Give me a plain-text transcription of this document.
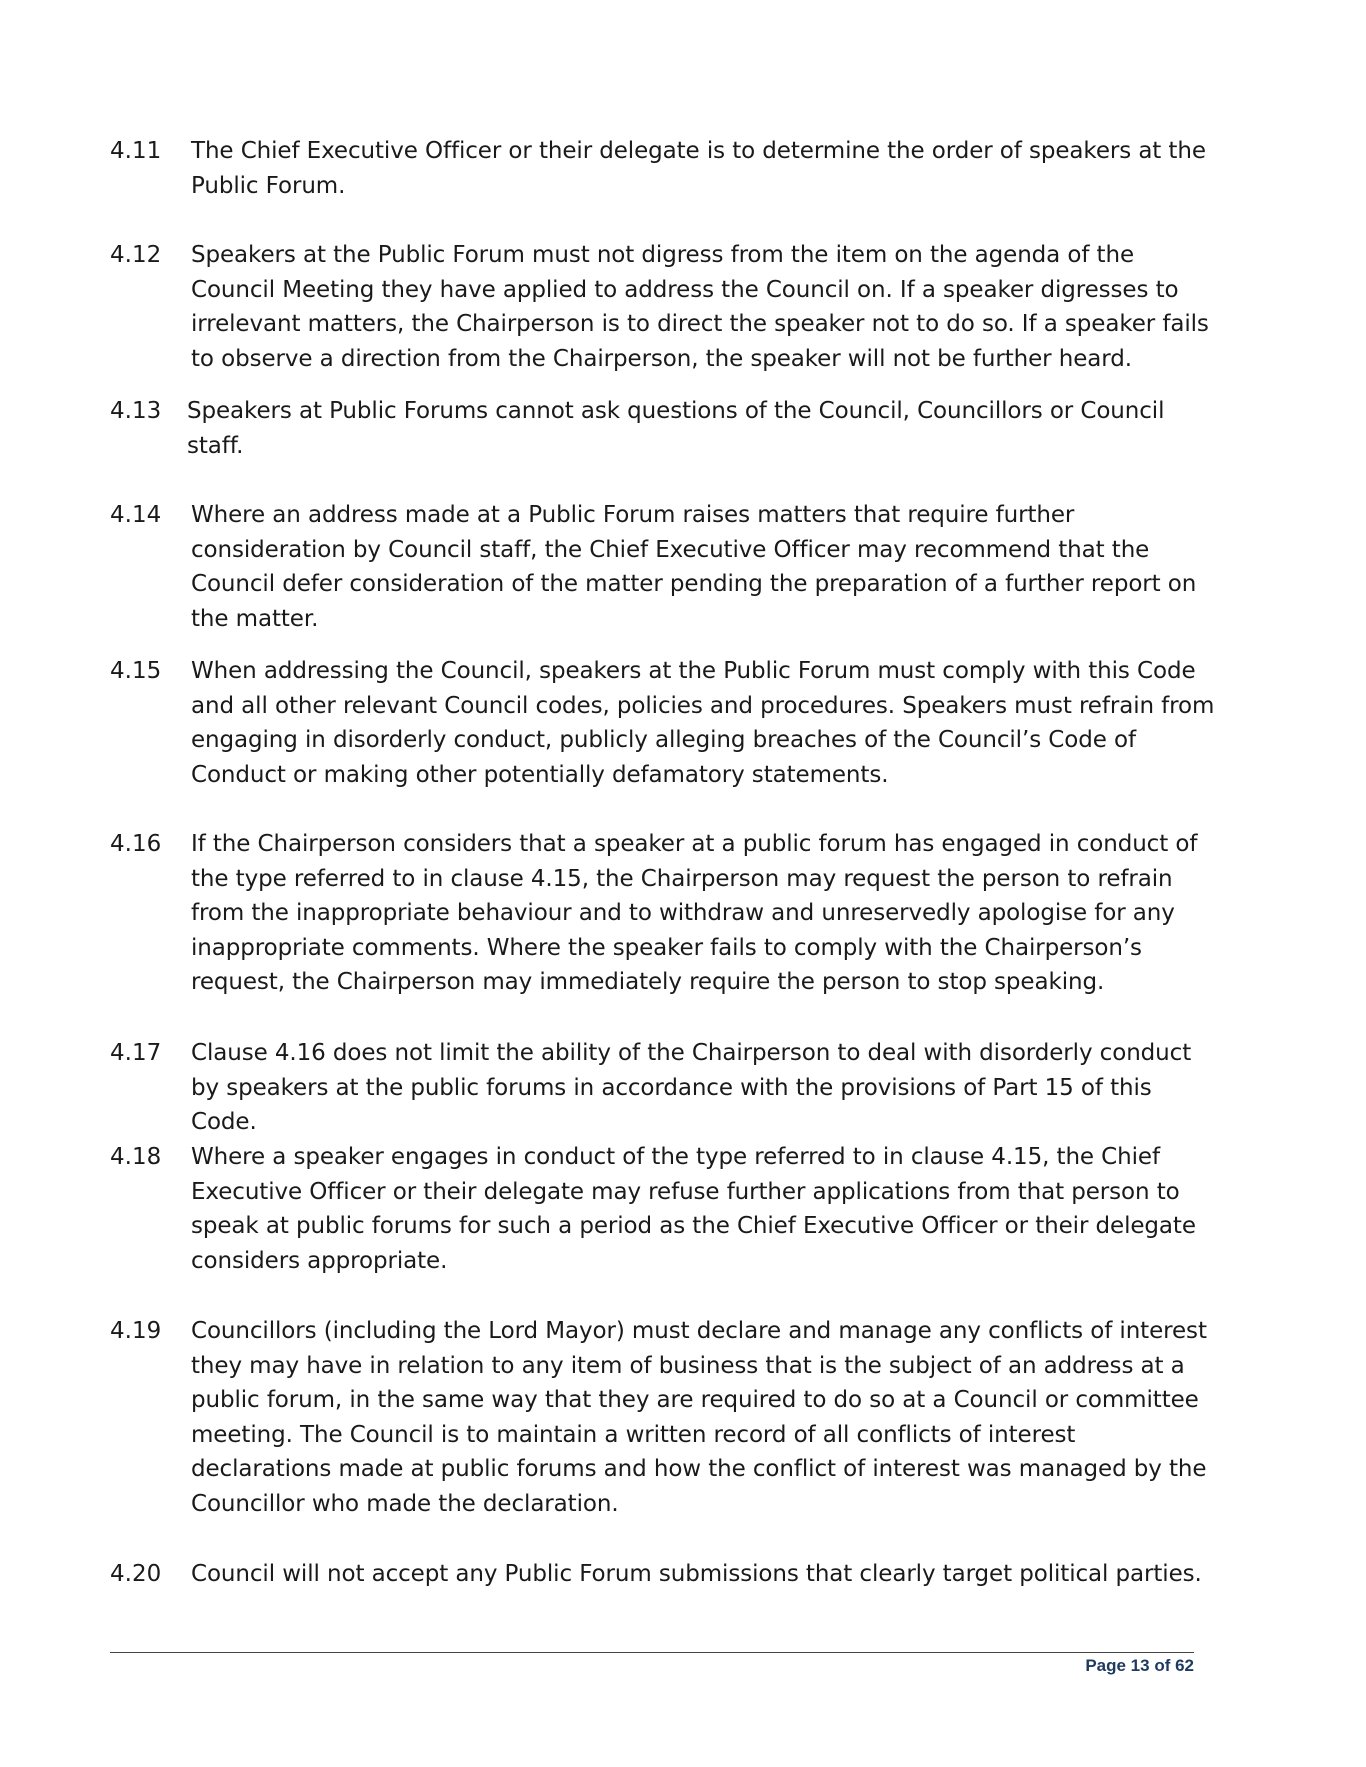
4.11	The Chief Executive Officer or their delegate is to determine the order of speakers at the Public Forum.

4.12	Speakers at the Public Forum must not digress from the item on the agenda of the Council Meeting they have applied to address the Council on. If a speaker digresses to irrelevant matters, the Chairperson is to direct the speaker not to do so. If a speaker fails to observe a direction from the Chairperson, the speaker will not be further heard.

4.13	Speakers at Public Forums cannot ask questions of the Council, Councillors or Council staff.

4.14	Where an address made at a Public Forum raises matters that require further consideration by Council staff, the Chief Executive Officer may recommend that the Council defer consideration of the matter pending the preparation of a further report on the matter.

4.15	When addressing the Council, speakers at the Public Forum must comply with this Code and all other relevant Council codes, policies and procedures. Speakers must refrain from engaging in disorderly conduct, publicly alleging breaches of the Council’s Code of Conduct or making other potentially defamatory statements.

4.16	If the Chairperson considers that a speaker at a public forum has engaged in conduct of the type referred to in clause 4.15, the Chairperson may request the person to refrain from the inappropriate behaviour and to withdraw and unreservedly apologise for any inappropriate comments. Where the speaker fails to comply with the Chairperson’s request, the Chairperson may immediately require the person to stop speaking.

4.17	Clause 4.16 does not limit the ability of the Chairperson to deal with disorderly conduct by speakers at the public forums in accordance with the provisions of Part 15 of this Code.

4.18	Where a speaker engages in conduct of the type referred to in clause 4.15, the Chief Executive Officer or their delegate may refuse further applications from that person to speak at public forums for such a period as the Chief Executive Officer or their delegate considers appropriate.

4.19	Councillors (including the Lord Mayor) must declare and manage any conflicts of interest they may have in relation to any item of business that is the subject of an address at a public forum, in the same way that they are required to do so at a Council or committee meeting. The Council is to maintain a written record of all conflicts of interest declarations made at public forums and how the conflict of interest was managed by the Councillor who made the declaration.

4.20	Council will not accept any Public Forum submissions that clearly target political parties.

Page 13 of 62
